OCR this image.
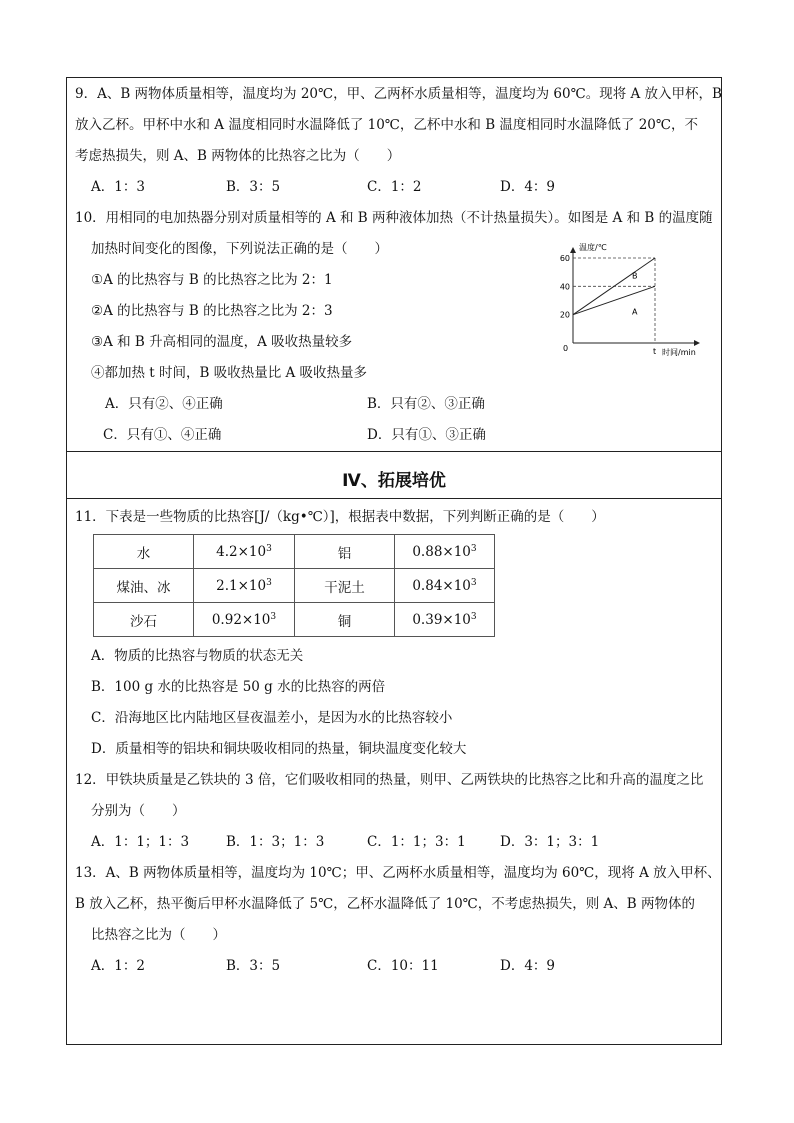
9．A、B 两物体质量相等，温度均为 20℃，甲、乙两杯水质量相等，温度均为 60℃。现将 A 放入甲杯，B
放入乙杯。甲杯中水和 A 温度相同时水温降低了 10℃，乙杯中水和 B 温度相同时水温降低了 20℃，不
考虑热损失，则 A、B 两物体的比热容之比为（　　）
A．1：3	B．3：5	C．1：2	D．4：9
10．用相同的电加热器分别对质量相等的 A 和 B 两种液体加热（不计热量损失）。如图是 A 和 B 的温度随
加热时间变化的图像，下列说法正确的是（　　）
①A 的比热容与 B 的比热容之比为 2：1
②A 的比热容与 B 的比热容之比为 2：3
③A 和 B 升高相同的温度，A 吸收热量较多
④都加热 t 时间，B 吸收热量比 A 吸收热量多
A．只有②、④正确	B．只有②、③正确
C．只有①、④正确	D．只有①、③正确
温度/℃
时间/min
0
60
40
20
t
B
A
Ⅳ、拓展培优
11．下表是一些物质的比热容[J/（kg•℃）]，根据表中数据，下列判断正确的是（　　）
水	$4.2\times 10^3$	铝	$0.88\times 10^3$
煤油、冰	$2.1\times 10^3$	干泥土	$0.84\times 10^3$
沙石	$0.92\times 10^3$	铜	$0.39\times 10^3$
A．物质的比热容与物质的状态无关
B．100 g 水的比热容是 50 g 水的比热容的两倍
C．沿海地区比内陆地区昼夜温差小，是因为水的比热容较小
D．质量相等的铝块和铜块吸收相同的热量，铜块温度变化较大
12．甲铁块质量是乙铁块的 3 倍，它们吸收相同的热量，则甲、乙两铁块的比热容之比和升高的温度之比
分别为（　　）
A．1：1；1：3	B．1：3；1：3	C．1：1；3：1	D．3：1；3：1
13．A、B 两物体质量相等，温度均为 10℃；甲、乙两杯水质量相等，温度均为 60℃，现将 A 放入甲杯、
B 放入乙杯，热平衡后甲杯水温降低了 5℃，乙杯水温降低了 10℃，不考虑热损失，则 A、B 两物体的
比热容之比为（　　）
A．1：2	B．3：5	C．10：11	D．4：9
